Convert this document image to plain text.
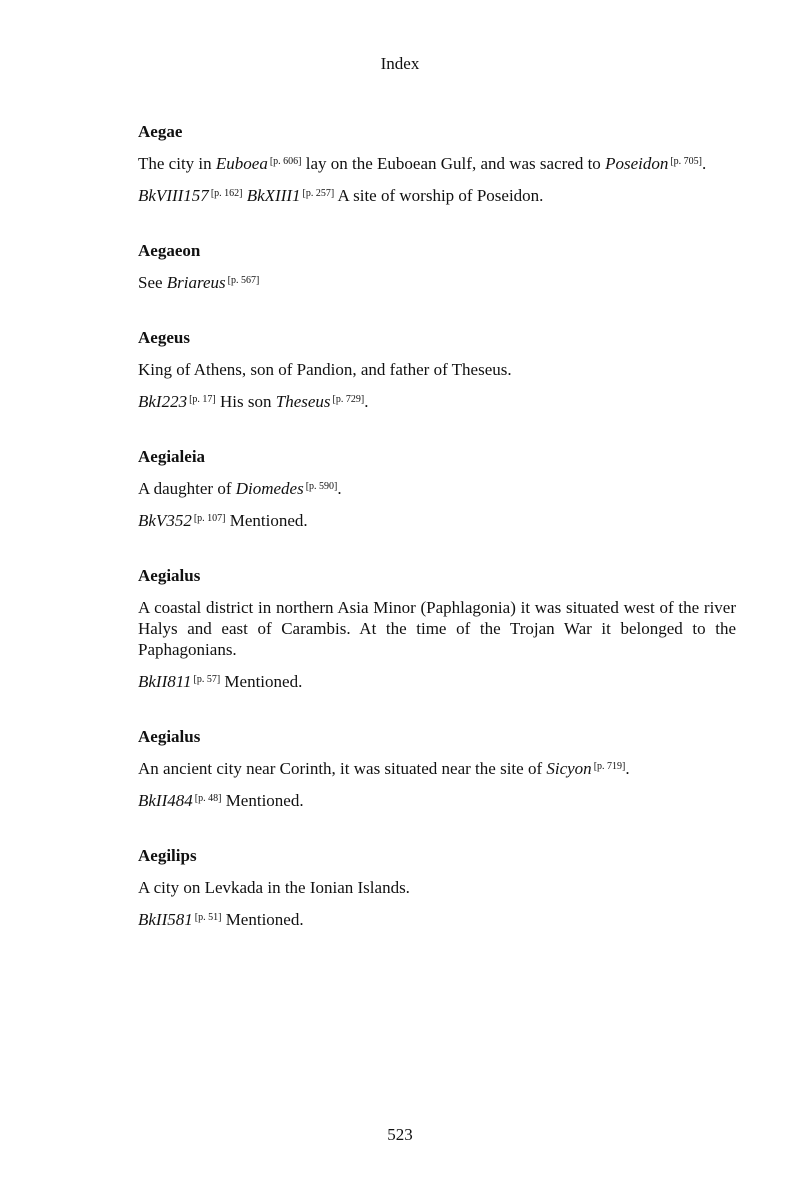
Index
Aegae

The city in Euboea [p. 606] lay on the Euboean Gulf, and was sacred to Poseidon [p. 705].

BkVIII157 [p. 162] BkXIII1 [p. 257] A site of worship of Poseidon.

Aegaeon

See Briareus [p. 567]

Aegeus

King of Athens, son of Pandion, and father of Theseus.

BkI223 [p. 17] His son Theseus [p. 729].

Aegialeia

A daughter of Diomedes [p. 590].

BkV352 [p. 107] Mentioned.

Aegialus

A coastal district in northern Asia Minor (Paphlagonia) it was situated west of the river Halys and east of Carambis. At the time of the Trojan War it belonged to the Paphagonians.

BkII811 [p. 57] Mentioned.

Aegialus

An ancient city near Corinth, it was situated near the site of Sicyon [p. 719].

BkII484 [p. 48] Mentioned.

Aegilips

A city on Levkada in the Ionian Islands.

BkII581 [p. 51] Mentioned.

523
